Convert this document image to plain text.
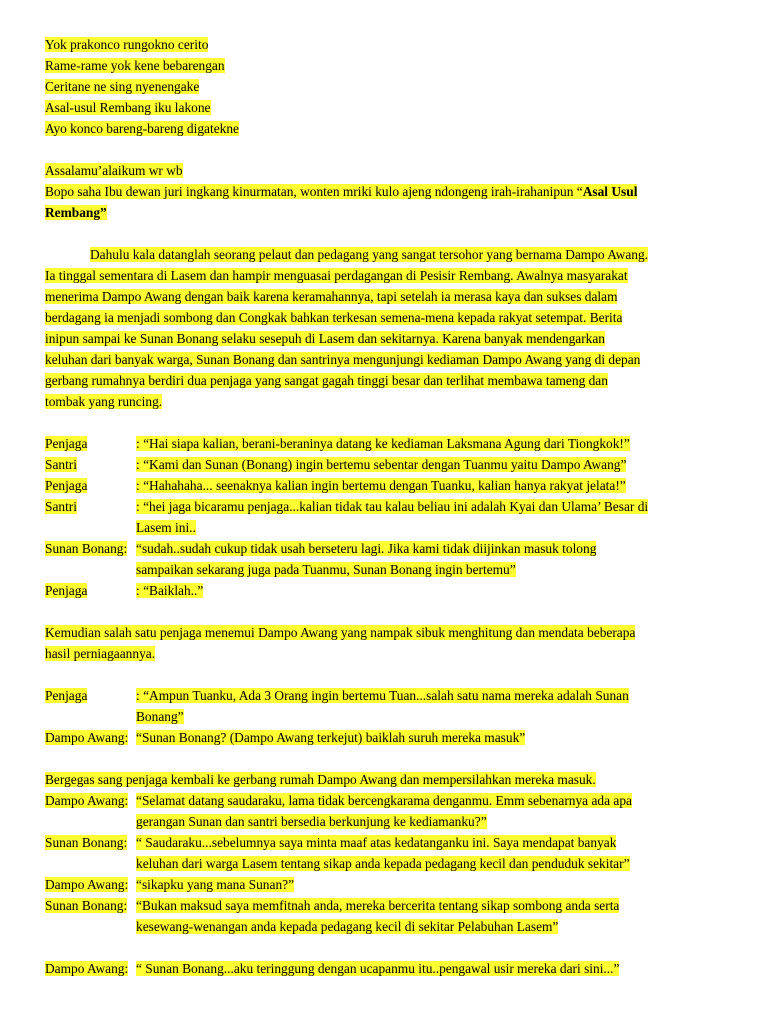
Yok prakonco rungokno cerito
Rame-rame yok kene bebarengan
Ceritane ne sing nyenengake
Asal-usul Rembang iku lakone
Ayo konco bareng-bareng digatekne
Assalamu’alaikum wr wb
Bopo saha Ibu dewan juri ingkang kinurmatan, wonten mriki kulo ajeng ndongeng irah-irahanipun “Asal Usul
Rembang”
Dahulu kala datanglah seorang pelaut dan pedagang yang sangat tersohor yang bernama Dampo Awang.
Ia tinggal sementara di Lasem dan hampir menguasai perdagangan di Pesisir Rembang. Awalnya masyarakat
menerima Dampo Awang dengan baik karena keramahannya, tapi setelah ia merasa kaya dan sukses dalam
berdagang ia menjadi sombong dan Congkak bahkan terkesan semena-mena kepada rakyat setempat. Berita
inipun sampai ke Sunan Bonang selaku sesepuh di Lasem dan sekitarnya. Karena banyak mendengarkan
keluhan dari banyak warga, Sunan Bonang dan santrinya mengunjungi kediaman Dampo Awang yang di depan
gerbang rumahnya berdiri dua penjaga yang sangat gagah tinggi besar dan terlihat membawa tameng dan
tombak yang runcing.
Penjaga	: “Hai siapa kalian, berani-beraninya datang ke kediaman Laksmana Agung dari Tiongkok!”
Santri	: “Kami dan Sunan (Bonang) ingin bertemu sebentar dengan Tuanmu yaitu Dampo Awang”
Penjaga	: “Hahahaha... seenaknya kalian ingin bertemu dengan Tuanku, kalian hanya rakyat jelata!”
Santri	: “hei jaga bicaramu penjaga...kalian tidak tau kalau beliau ini adalah Kyai dan Ulama’ Besar di
Lasem ini..
Sunan Bonang: “sudah..sudah cukup tidak usah berseteru lagi. Jika kami tidak diijinkan masuk tolong
sampaikan sekarang juga pada Tuanmu, Sunan Bonang ingin bertemu”
Penjaga	: “Baiklah..”
Kemudian salah satu penjaga menemui Dampo Awang yang nampak sibuk menghitung dan mendata beberapa
hasil perniagaannya.
Penjaga	: “Ampun Tuanku, Ada 3 Orang ingin bertemu Tuan...salah satu nama mereka adalah Sunan
Bonang”
Dampo Awang: “Sunan Bonang? (Dampo Awang terkejut) baiklah suruh mereka masuk”
Bergegas sang penjaga kembali ke gerbang rumah Dampo Awang dan mempersilahkan mereka masuk.
Dampo Awang: “Selamat datang saudaraku, lama tidak bercengkarama denganmu. Emm sebenarnya ada apa
gerangan Sunan dan santri bersedia berkunjung ke kediamanku?”
Sunan Bonang: “ Saudaraku...sebelumnya saya minta maaf atas kedatanganku ini. Saya mendapat banyak
keluhan dari warga Lasem tentang sikap anda kepada pedagang kecil dan penduduk sekitar”
Dampo Awang: “sikapku yang mana Sunan?”
Sunan Bonang: “Bukan maksud saya memfitnah anda, mereka bercerita tentang sikap sombong anda serta
kesewang-wenangan anda kepada pedagang kecil di sekitar Pelabuhan Lasem”
Dampo Awang: “ Sunan Bonang...aku teringgung dengan ucapanmu itu..pengawal usir mereka dari sini...”
